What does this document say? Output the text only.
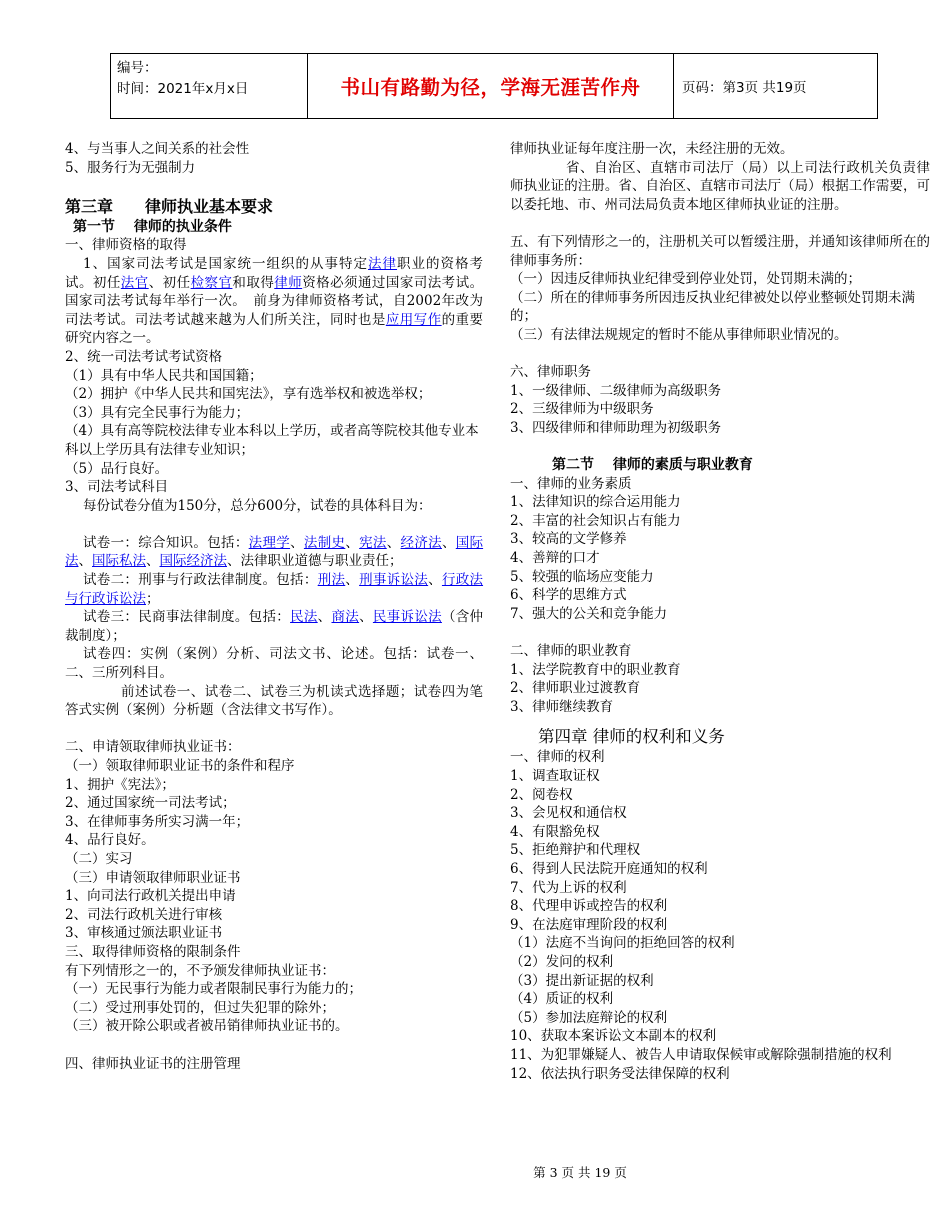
编号：
时间：2021年x月x日	书山有路勤为径，学海无涯苦作舟	页码：第3页 共19页
4、与当事人之间关系的社会性
5、服务行为无强制力
第三章　　律师执业基本要求
第一节　 律师的执业条件
一、律师资格的取得
1、国家司法考试是国家统一组织的从事特定法律职业的资格考试。初任法官、初任检察官和取得律师资格必须通过国家司法考试。国家司法考试每年举行一次。　前身为律师资格考试，自2002年改为司法考试。司法考试越来越为人们所关注，同时也是应用写作的重要研究内容之一。
2、统一司法考试考试资格
（1）具有中华人民共和国国籍；
（2）拥护《中华人民共和国宪法》，享有选举权和被选举权；
（3）具有完全民事行为能力；
（4）具有高等院校法律专业本科以上学历，或者高等院校其他专业本科以上学历具有法律专业知识；
（5）品行良好。
3、司法考试科目
每份试卷分值为150分，总分600分，试卷的具体科目为：
试卷一：综合知识。包括：法理学、法制史、宪法、经济法、国际法、国际私法、国际经济法、法律职业道德与职业责任；
试卷二：刑事与行政法律制度。包括：刑法、刑事诉讼法、行政法与行政诉讼法；
试卷三：民商事法律制度。包括：民法、商法、民事诉讼法（含仲裁制度）；
试卷四：实例（案例）分析、司法文书、论述。包括：试卷一、二、三所列科目。
前述试卷一、试卷二、试卷三为机读式选择题；试卷四为笔答式实例（案例）分析题（含法律文书写作）。
二、申请领取律师执业证书：
（一）领取律师职业证书的条件和程序
1、拥护《宪法》；
2、通过国家统一司法考试；
3、在律师事务所实习满一年；
4、品行良好。
（二）实习
（三）申请领取律师职业证书
1、向司法行政机关提出申请
2、司法行政机关进行审核
3、审核通过颁法职业证书
三、取得律师资格的限制条件
有下列情形之一的，不予颁发律师执业证书：
（一）无民事行为能力或者限制民事行为能力的；
（二）受过刑事处罚的，但过失犯罪的除外；
（三）被开除公职或者被吊销律师执业证书的。
四、律师执业证书的注册管理
律师执业证每年度注册一次，未经注册的无效。
省、自治区、直辖市司法厅（局）以上司法行政机关负责律师执业证的注册。省、自治区、直辖市司法厅（局）根据工作需要，可以委托地、市、州司法局负责本地区律师执业证的注册。
五、有下列情形之一的，注册机关可以暂缓注册，并通知该律师所在的律师事务所：
（一）因违反律师执业纪律受到停业处罚，处罚期未满的；
（二）所在的律师事务所因违反执业纪律被处以停业整顿处罚期未满的；
（三）有法律法规规定的暂时不能从事律师职业情况的。
六、律师职务
1、一级律师、二级律师为高级职务
2、三级律师为中级职务
3、四级律师和律师助理为初级职务
第二节　 律师的素质与职业教育
一、律师的业务素质
1、法律知识的综合运用能力
2、丰富的社会知识占有能力
3、较高的文学修养
4、善辩的口才
5、较强的临场应变能力
6、科学的思维方式
7、强大的公关和竞争能力
二、律师的职业教育
1、法学院教育中的职业教育
2、律师职业过渡教育
3、律师继续教育
第四章 律师的权利和义务
一、律师的权利
1、调查取证权
2、阅卷权
3、会见权和通信权
4、有限豁免权
5、拒绝辩护和代理权
6、得到人民法院开庭通知的权利
7、代为上诉的权利
8、代理申诉或控告的权利
9、在法庭审理阶段的权利
（1）法庭不当询问的拒绝回答的权利
（2）发问的权利
（3）提出新证据的权利
（4）质证的权利
（5）参加法庭辩论的权利
10、获取本案诉讼文本副本的权利
11、为犯罪嫌疑人、被告人申请取保候审或解除强制措施的权利
12、依法执行职务受法律保障的权利
第 3 页 共 19 页
